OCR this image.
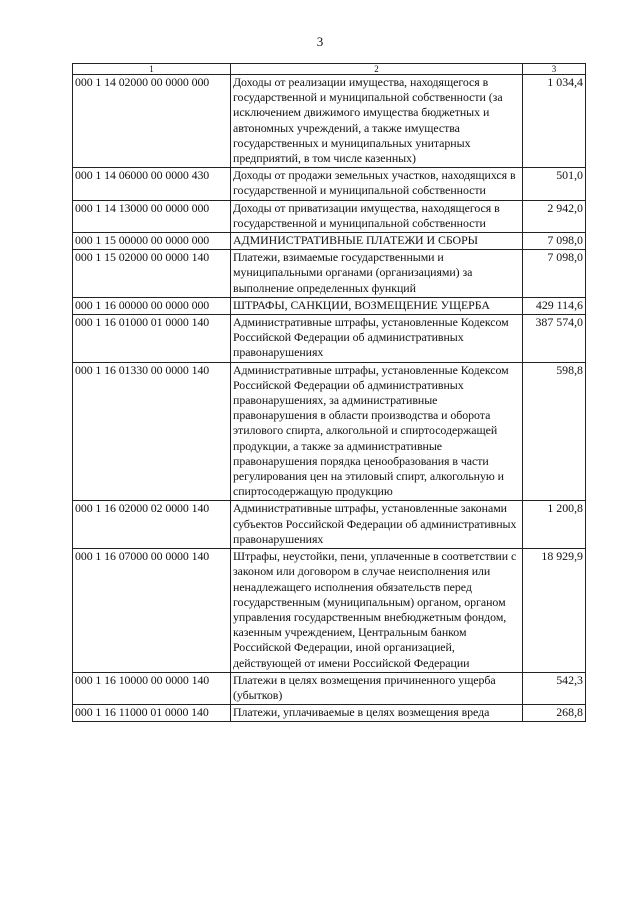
3
1	2	3
000 1 14 02000 00 0000 000	Доходы от реализации имущества, находящегося в государственной и муниципальной собственности (за исключением движимого имущества бюджетных и автономных учреждений, а также имущества государственных и муниципальных унитарных предприятий, в том числе казенных)	1 034,4
000 1 14 06000 00 0000 430	Доходы от продажи земельных участков, находящихся в государственной и муниципальной собственности	501,0
000 1 14 13000 00 0000 000	Доходы от приватизации имущества, находящегося в государственной и муниципальной собственности	2 942,0
000 1 15 00000 00 0000 000	АДМИНИСТРАТИВНЫЕ ПЛАТЕЖИ И СБОРЫ	7 098,0
000 1 15 02000 00 0000 140	Платежи, взимаемые государственными и муниципальными органами (организациями) за выполнение определенных функций	7 098,0
000 1 16 00000 00 0000 000	ШТРАФЫ, САНКЦИИ, ВОЗМЕЩЕНИЕ УЩЕРБА	429 114,6
000 1 16 01000 01 0000 140	Административные штрафы, установленные Кодексом Российской Федерации об административных правонарушениях	387 574,0
000 1 16 01330 00 0000 140	Административные штрафы, установленные Кодексом Российской Федерации об административных правонарушениях, за административные правонарушения в области производства и оборота этилового спирта, алкогольной и спиртосодержащей продукции, а также за административные правонарушения порядка ценообразования в части регулирования цен на этиловый спирт, алкогольную и спиртосодержащую продукцию	598,8
000 1 16 02000 02 0000 140	Административные штрафы, установленные законами субъектов Российской Федерации об административных правонарушениях	1 200,8
000 1 16 07000 00 0000 140	Штрафы, неустойки, пени, уплаченные в соответствии с законом или договором в случае неисполнения или ненадлежащего исполнения обязательств перед государственным (муниципальным) органом, органом управления государственным внебюджетным фондом, казенным учреждением, Центральным банком Российской Федерации, иной организацией, действующей от имени Российской Федерации	18 929,9
000 1 16 10000 00 0000 140	Платежи в целях возмещения причиненного ущерба (убытков)	542,3
000 1 16 11000 01 0000 140	Платежи, уплачиваемые в целях возмещения вреда	268,8
